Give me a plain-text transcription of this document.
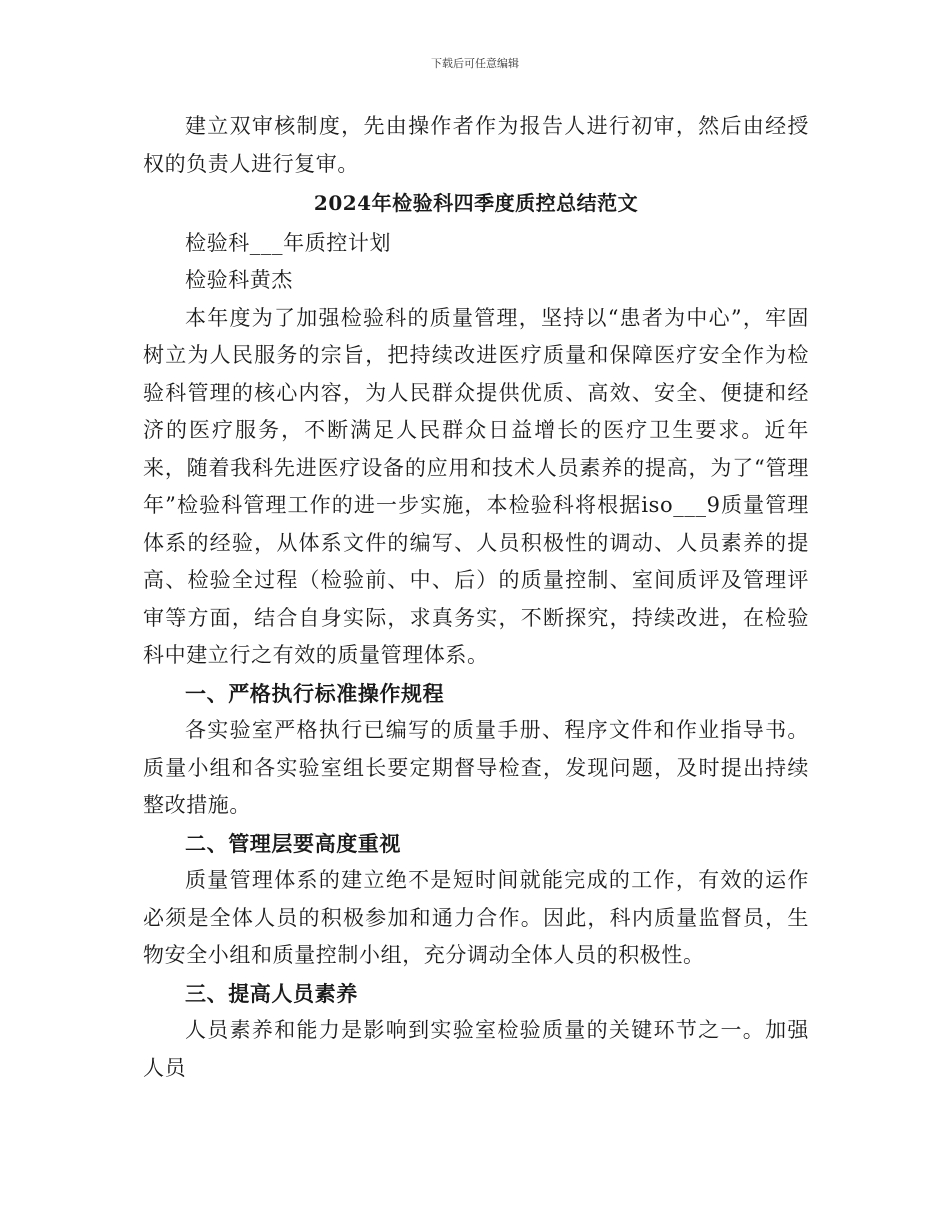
下载后可任意编辑

建立双审核制度，先由操作者作为报告人进行初审，然后由经授权的负责人进行复审。

2024年检验科四季度质控总结范文

检验科___年质控计划

检验科黄杰

本年度为了加强检验科的质量管理，坚持以“患者为中心”，牢固树立为人民服务的宗旨，把持续改进医疗质量和保障医疗安全作为检验科管理的核心内容，为人民群众提供优质、高效、安全、便捷和经济的医疗服务，不断满足人民群众日益增长的医疗卫生要求。近年来，随着我科先进医疗设备的应用和技术人员素养的提高，为了“管理年”检验科管理工作的进一步实施，本检验科将根据iso___9质量管理体系的经验，从体系文件的编写、人员积极性的调动、人员素养的提高、检验全过程（检验前、中、后）的质量控制、室间质评及管理评审等方面，结合自身实际，求真务实，不断探究，持续改进，在检验科中建立行之有效的质量管理体系。

一、严格执行标准操作规程

各实验室严格执行已编写的质量手册、程序文件和作业指导书。质量小组和各实验室组长要定期督导检查，发现问题，及时提出持续整改措施。

二、管理层要高度重视

质量管理体系的建立绝不是短时间就能完成的工作，有效的运作必须是全体人员的积极参加和通力合作。因此，科内质量监督员，生物安全小组和质量控制小组，充分调动全体人员的积极性。

三、提高人员素养

人员素养和能力是影响到实验室检验质量的关键环节之一。加强人员
